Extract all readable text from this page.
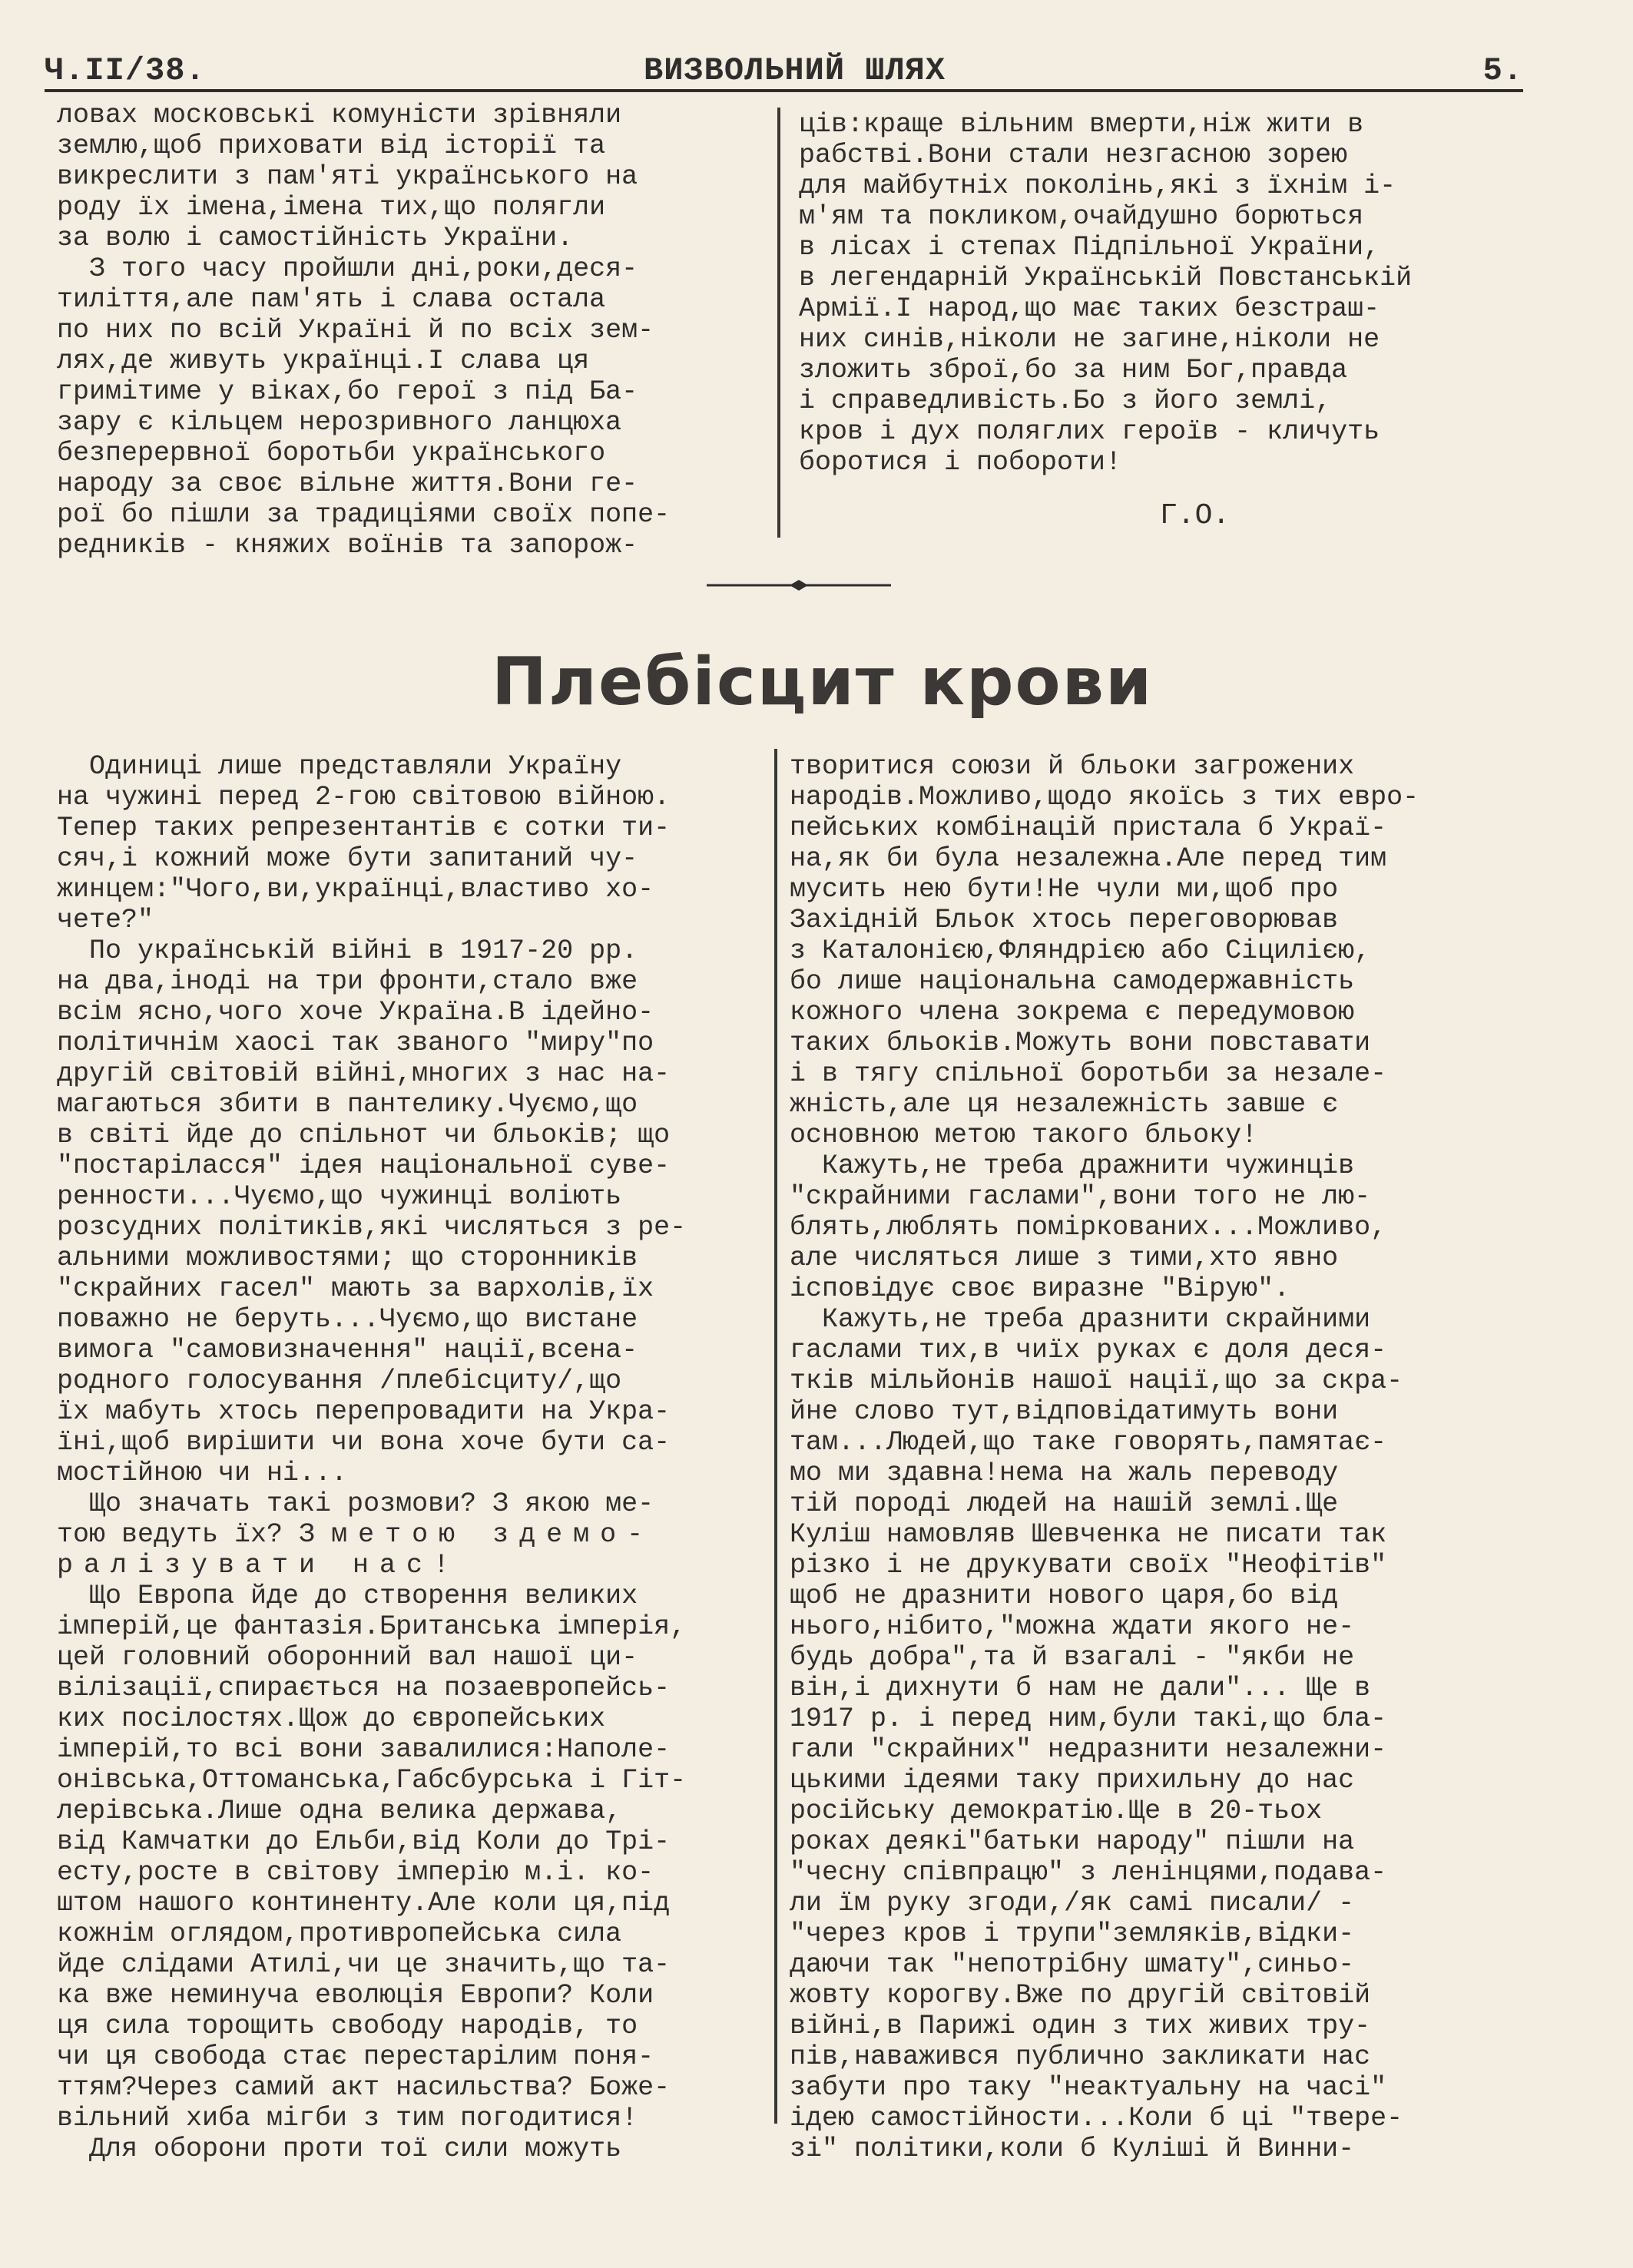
Ч.II/38.	ВИЗВОЛЬНИЙ ШЛЯХ	5.
ловах московські комуністи зрівняли
землю,щоб приховати від історії та
викреслити з пам'яті українського на
роду їх імена,імена тих,що полягли
за волю і самостійність України.
З того часу пройшли дні,роки,деся-
тиліття,але пам'ять і слава остала
по них по всій Україні й по всіх зем-
лях,де живуть українці.І слава ця
гримітиме у віках,бо герої з під Ба-
зару є кільцем нерозривного ланцюха
безперервної боротьби українського
народу за своє вільне життя.Вони ге-
рої бо пішли за традиціями своїх попе-
редників - княжих воїнів та запорож-
ців:краще вільним вмерти,ніж жити в
рабстві.Вони стали незгасною зорею
для майбутніх поколінь,які з їхнім і-
м'ям та покликом,очайдушно борються
в лісах і степах Підпільної України,
в легендарній Українській Повстанській
Армії.І народ,що має таких безстраш-
них синів,ніколи не загине,ніколи не
зложить зброї,бо за ним Бог,правда
і справедливість.Бо з його землі,
кров і дух поляглих героїв - кличуть
боротися і побороти!
Г.О.
Плебісцит крови
Одиниці лише представляли Україну
на чужині перед 2-гою світовою війною.
Тепер таких репрезентантів є сотки ти-
сяч,і кожний може бути запитаний чу-
жинцем:"Чого,ви,українці,властиво хо-
чете?"
По українській війні в 1917-20 рр.
на два,іноді на три фронти,стало вже
всім ясно,чого хоче Україна.В ідейно-
політичнім хаосі так званого "миру"по
другій світовій війні,многих з нас на-
магаються збити в пантелику.Чуємо,що
в світі йде до спільнот чи бльоків; що
"постаріласся" ідея національної суве-
ренности...Чуємо,що чужинці воліють
розсудних політиків,які числяться з ре-
альними можливостями; що сторонників
"скрайних гасел" мають за вархолів,їх
поважно не беруть...Чуємо,що вистане
вимога "самовизначення" нації,всена-
родного голосування /плебісциту/,що
їх мабуть хтось перепровадити на Укра-
їні,щоб вирішити чи вона хоче бути са-
мостійною чи ні...
Що значать такі розмови? З якою ме-
тою ведуть їх? З метою здемо-
ралізувати нас!
Що Европа йде до створення великих
імперій,це фантазія.Британська імперія,
цей головний оборонний вал нашої ци-
вілізації,спирається на позаевропейсь-
ких посілостях.Щож до європейських
імперій,то всі вони завалилися:Наполе-
онівська,Оттоманська,Габсбурська і Гіт-
лерівська.Лише одна велика держава,
від Камчатки до Ельби,від Коли до Трі-
есту,росте в світову імперію м.і. ко-
штом нашого континенту.Але коли ця,під
кожнім оглядом,противропейська сила
йде слідами Атилі,чи це значить,що та-
ка вже неминуча еволюція Европи? Коли
ця сила торощить свободу народів, то
чи ця свобода стає перестарілим поня-
ттям?Через самий акт насильства? Боже-
вільний хиба мігби з тим погодитися!
Для оборони проти тої сили можуть
творитися союзи й бльоки загрожених
народів.Можливо,щодо якоїсь з тих евро-
пейських комбінацій пристала б Украї-
на,як би була незалежна.Але перед тим
мусить нею бути!Не чули ми,щоб про
Західній Бльок хтось переговорював
з Каталонією,Фляндрією або Сіцилією,
бо лише національна самодержавність
кожного члена зокрема є передумовою
таких бльоків.Можуть вони повставати
і в тягу спільної боротьби за незале-
жність,але ця незалежність завше є
основною метою такого бльоку!
Кажуть,не треба дражнити чужинців
"скрайними гаслами",вони того не лю-
блять,люблять поміркованих...Можливо,
але числяться лише з тими,хто явно
ісповідує своє виразне "Вірую".
Кажуть,не треба дразнити скрайними
гаслами тих,в чиїх руках є доля деся-
тків мільйонів нашої нації,що за скра-
йне слово тут,відповідатимуть вони
там...Людей,що таке говорять,памятає-
мо ми здавна!нема на жаль переводу
тій породі людей на нашій землі.Ще
Куліш намовляв Шевченка не писати так
різко і не друкувати своїх "Неофітів"
щоб не дразнити нового царя,бо від
нього,нібито,"можна ждати якого не-
будь добра",та й взагалі - "якби не
він,і дихнути б нам не дали"... Ще в
1917 р. і перед ним,були такі,що бла-
гали "скрайних" недразнити незалежни-
цькими ідеями таку прихильну до нас
російську демократію.Ще в 20-тьох
роках деякі"батьки народу" пішли на
"чесну співпрацю" з ленінцями,подава-
ли їм руку згоди,/як самі писали/ -
"через кров і трупи"земляків,відки-
даючи так "непотрібну шмату",синьо-
жовту корогву.Вже по другій світовій
війні,в Парижі один з тих живих тру-
пів,наважився публично закликати нас
забути про таку "неактуальну на часі"
ідею самостійности...Коли б ці "твере-
зі" політики,коли б Куліші й Винни-
